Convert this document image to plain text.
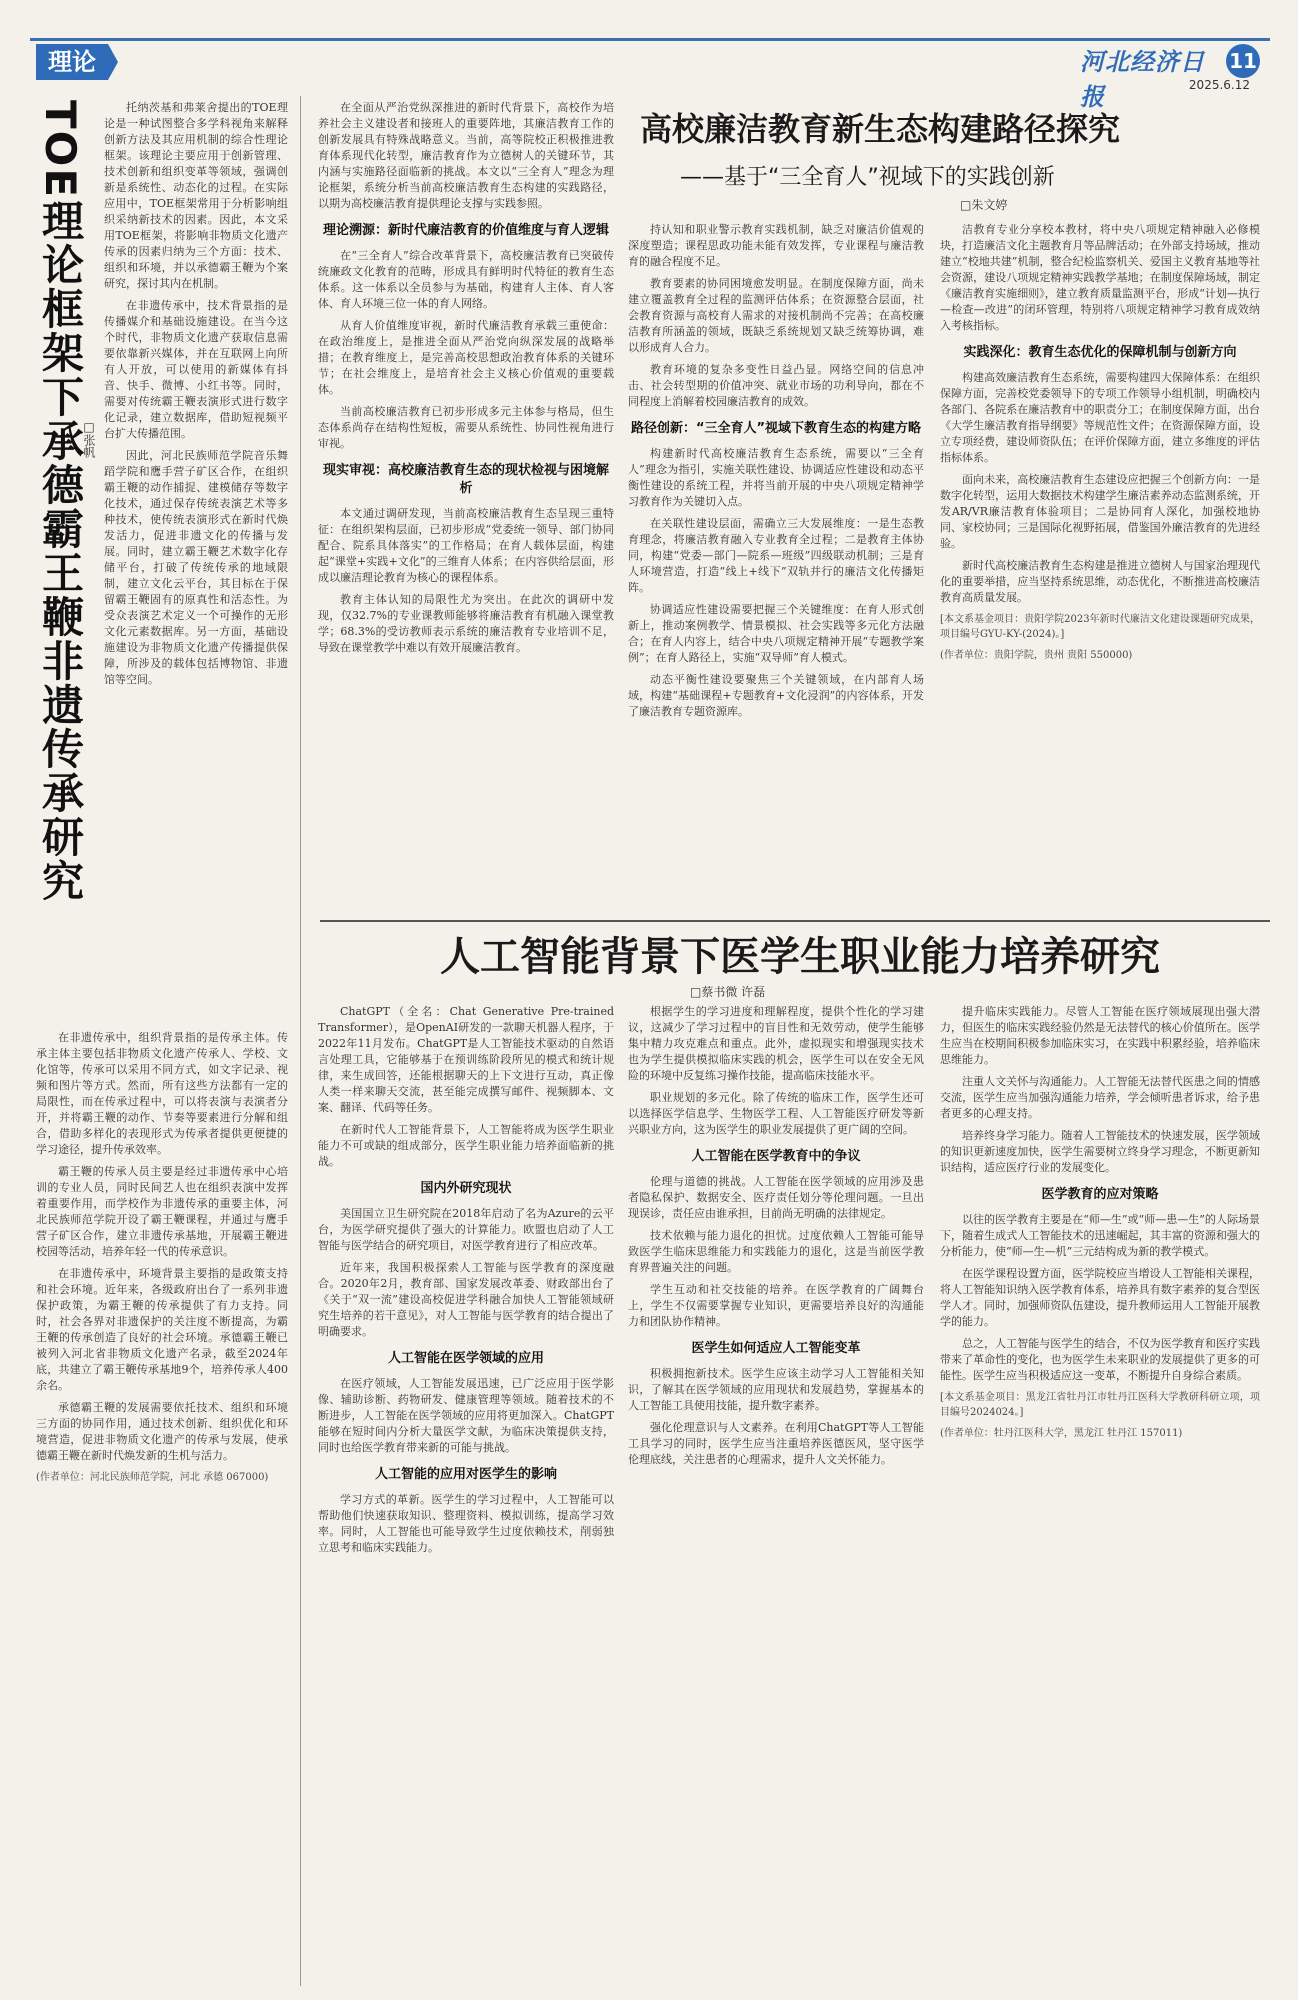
理论	河北经济日报
11
2025.6.12
TOE理论框架下承德霸王鞭非遗传承研究
□张帆

托纳茨基和弗莱舍提出的TOE理论是一种试图整合多学科视角来解释创新方法及其应用机制的综合性理论框架。该理论主要应用于创新管理、技术创新和组织变革等领域，强调创新是系统性、动态化的过程。在实际应用中，TOE框架常用于分析影响组织采纳新技术的因素。因此，本文采用TOE框架，将影响非物质文化遗产传承的因素归纳为三个方面：技术、组织和环境，并以承德霸王鞭为个案研究，探讨其内在机制。

在非遗传承中，技术背景指的是传播媒介和基础设施建设。在当今这个时代，非物质文化遗产获取信息需要依靠新兴媒体，并在互联网上向所有人开放，可以使用的新媒体有抖音、快手、微博、小红书等。同时，需要对传统霸王鞭表演形式进行数字化记录，建立数据库，借助短视频平台扩大传播范围。

因此，河北民族师范学院音乐舞蹈学院和鹰手营子矿区合作，在组织霸王鞭的动作捕捉、建模储存等数字化技术，通过保存传统表演艺术等多种技术，使传统表演形式在新时代焕发活力，促进非遗文化的传播与发展。同时，建立霸王鞭艺术数字化存储平台，打破了传统传承的地域限制，建立文化云平台，其目标在于保留霸王鞭固有的原真性和活态性。为受众表演艺术定义一个可操作的无形文化元素数据库。另一方面，基础设施建设为非物质文化遗产传播提供保障，所涉及的载体包括博物馆、非遗馆等空间。

在非遗传承中，组织背景指的是传承主体。传承主体主要包括非物质文化遗产传承人、学校、文化馆等，传承可以采用不同方式，如文字记录、视频和图片等方式。然而，所有这些方法都有一定的局限性，而在传承过程中，可以将表演与表演者分开，并将霸王鞭的动作、节奏等要素进行分解和组合，借助多样化的表现形式为传承者提供更便捷的学习途径，提升传承效率。

霸王鞭的传承人员主要是经过非遗传承中心培训的专业人员，同时民间艺人也在组织表演中发挥着重要作用，而学校作为非遗传承的重要主体，河北民族师范学院开设了霸王鞭课程，并通过与鹰手营子矿区合作，建立非遗传承基地，开展霸王鞭进校园等活动，培养年轻一代的传承意识。

在非遗传承中，环境背景主要指的是政策支持和社会环境。近年来，各级政府出台了一系列非遗保护政策，为霸王鞭的传承提供了有力支持。同时，社会各界对非遗保护的关注度不断提高，为霸王鞭的传承创造了良好的社会环境。承德霸王鞭已被列入河北省非物质文化遗产名录，截至2024年底，共建立了霸王鞭传承基地9个，培养传承人400余名。

承德霸王鞭的发展需要依托技术、组织和环境三方面的协同作用，通过技术创新、组织优化和环境营造，促进非物质文化遗产的传承与发展，使承德霸王鞭在新时代焕发新的生机与活力。

(作者单位：河北民族师范学院，河北 承德 067000)

高校廉洁教育新生态构建路径探究
——基于“三全育人”视域下的实践创新
□朱文婷

在全面从严治党纵深推进的新时代背景下，高校作为培养社会主义建设者和接班人的重要阵地，其廉洁教育工作的创新发展具有特殊战略意义。当前，高等院校正积极推进教育体系现代化转型，廉洁教育作为立德树人的关键环节，其内涵与实施路径面临新的挑战。本文以“三全育人”理念为理论框架，系统分析当前高校廉洁教育生态构建的实践路径，以期为高校廉洁教育提供理论支撑与实践参照。

理论溯源：新时代廉洁教育的价值维度与育人逻辑

在“三全育人”综合改革背景下，高校廉洁教育已突破传统廉政文化教育的范畴，形成具有鲜明时代特征的教育生态体系。这一体系以全员参与为基础，构建育人主体、育人客体、育人环境三位一体的育人网络。

从育人价值维度审视，新时代廉洁教育承载三重使命：在政治维度上，是推进全面从严治党向纵深发展的战略举措；在教育维度上，是完善高校思想政治教育体系的关键环节；在社会维度上，是培育社会主义核心价值观的重要载体。

当前高校廉洁教育已初步形成多元主体参与格局，但生态体系尚存在结构性短板，需要从系统性、协同性视角进行审视。

现实审视：高校廉洁教育生态的现状检视与困境解析

本文通过调研发现，当前高校廉洁教育生态呈现三重特征：在组织架构层面，已初步形成“党委统一领导、部门协同配合、院系具体落实”的工作格局；在育人载体层面，构建起“课堂+实践+文化”的三维育人体系；在内容供给层面，形成以廉洁理论教育为核心的课程体系。

教育主体认知的局限性尤为突出。在此次的调研中发现，仅32.7%的专业课教师能够将廉洁教育有机融入课堂教学；68.3%的受访教师表示系统的廉洁教育专业培训不足，导致在课堂教学中难以有效开展廉洁教育。

持认知和职业警示教育实践机制，缺乏对廉洁价值观的深度塑造；课程思政功能未能有效发挥，专业课程与廉洁教育的融合程度不足。

教育要素的协同困境愈发明显。在制度保障方面，尚未建立覆盖教育全过程的监测评估体系；在资源整合层面，社会教育资源与高校育人需求的对接机制尚不完善；在高校廉洁教育所涵盖的领域，既缺乏系统规划又缺乏统筹协调，难以形成育人合力。

教育环境的复杂多变性日益凸显。网络空间的信息冲击、社会转型期的价值冲突、就业市场的功利导向，都在不同程度上消解着校园廉洁教育的成效。

路径创新：“三全育人”视域下教育生态的构建方略

构建新时代高校廉洁教育生态系统，需要以“三全育人”理念为指引，实施关联性建设、协调适应性建设和动态平衡性建设的系统工程，并将当前开展的中央八项规定精神学习教育作为关键切入点。

在关联性建设层面，需确立三大发展维度：一是生态教育理念，将廉洁教育融入专业教育全过程；二是教育主体协同，构建“党委—部门—院系—班级”四级联动机制；三是育人环境营造，打造“线上+线下”双轨并行的廉洁文化传播矩阵。

协调适应性建设需要把握三个关键维度：在育人形式创新上，推动案例教学、情景模拟、社会实践等多元化方法融合；在育人内容上，结合中央八项规定精神开展“专题教学案例”；在育人路径上，实施“双导师”育人模式。

动态平衡性建设要聚焦三个关键领域，在内部育人场域，构建“基础课程+专题教育+文化浸润”的内容体系，开发了廉洁教育专题资源库。

洁教育专业分享校本教材，将中央八项规定精神融入必修模块，打造廉洁文化主题教育月等品牌活动；在外部支持场域，推动建立“校地共建”机制，整合纪检监察机关、爱国主义教育基地等社会资源，建设八项规定精神实践教学基地；在制度保障场域，制定《廉洁教育实施细则》，建立教育质量监测平台，形成“计划—执行—检查—改进”的闭环管理，特别将八项规定精神学习教育成效纳入考核指标。

实践深化：教育生态优化的保障机制与创新方向

构建高效廉洁教育生态系统，需要构建四大保障体系：在组织保障方面，完善校党委领导下的专项工作领导小组机制，明确校内各部门、各院系在廉洁教育中的职责分工；在制度保障方面，出台《大学生廉洁教育指导纲要》等规范性文件；在资源保障方面，设立专项经费，建设师资队伍；在评价保障方面，建立多维度的评估指标体系。

面向未来，高校廉洁教育生态建设应把握三个创新方向：一是数字化转型，运用大数据技术构建学生廉洁素养动态监测系统，开发AR/VR廉洁教育体验项目；二是协同育人深化，加强校地协同、家校协同；三是国际化视野拓展，借鉴国外廉洁教育的先进经验。

新时代高校廉洁教育生态构建是推进立德树人与国家治理现代化的重要举措，应当坚持系统思维，动态优化，不断推进高校廉洁教育高质量发展。

[本文系基金项目：贵阳学院2023年新时代廉洁文化建设课题研究成果，项目编号GYU-KY-(2024)。]

(作者单位：贵阳学院，贵州 贵阳 550000)

人工智能背景下医学生职业能力培养研究
□蔡书微 许磊

ChatGPT（全名：Chat Generative Pre-trained Transformer），是OpenAI研发的一款聊天机器人程序，于2022年11月发布。ChatGPT是人工智能技术驱动的自然语言处理工具，它能够基于在预训练阶段所见的模式和统计规律，来生成回答，还能根据聊天的上下文进行互动，真正像人类一样来聊天交流，甚至能完成撰写邮件、视频脚本、文案、翻译、代码等任务。

在新时代人工智能背景下，人工智能将成为医学生职业能力不可或缺的组成部分，医学生职业能力培养面临新的挑战。

国内外研究现状

美国国立卫生研究院在2018年启动了名为Azure的云平台，为医学研究提供了强大的计算能力。欧盟也启动了人工智能与医学结合的研究项目，对医学教育进行了相应改革。

近年来，我国积极探索人工智能与医学教育的深度融合。2020年2月，教育部、国家发展改革委、财政部出台了《关于“双一流”建设高校促进学科融合加快人工智能领域研究生培养的若干意见》，对人工智能与医学教育的结合提出了明确要求。

人工智能在医学领域的应用

在医疗领域，人工智能发展迅速，已广泛应用于医学影像、辅助诊断、药物研发、健康管理等领域。随着技术的不断进步，人工智能在医学领域的应用将更加深入。ChatGPT能够在短时间内分析大量医学文献，为临床决策提供支持，同时也给医学教育带来新的可能与挑战。

人工智能的应用对医学生的影响

学习方式的革新。医学生的学习过程中，人工智能可以帮助他们快速获取知识、整理资料、模拟训练，提高学习效率。同时，人工智能也可能导致学生过度依赖技术，削弱独立思考和临床实践能力。

根据学生的学习进度和理解程度，提供个性化的学习建议，这减少了学习过程中的盲目性和无效劳动，使学生能够集中精力攻克难点和重点。此外，虚拟现实和增强现实技术也为学生提供模拟临床实践的机会，医学生可以在安全无风险的环境中反复练习操作技能，提高临床技能水平。

职业规划的多元化。除了传统的临床工作，医学生还可以选择医学信息学、生物医学工程、人工智能医疗研发等新兴职业方向，这为医学生的职业发展提供了更广阔的空间。

人工智能在医学教育中的争议

伦理与道德的挑战。人工智能在医学领域的应用涉及患者隐私保护、数据安全、医疗责任划分等伦理问题。一旦出现误诊，责任应由谁承担，目前尚无明确的法律规定。

技术依赖与能力退化的担忧。过度依赖人工智能可能导致医学生临床思维能力和实践能力的退化，这是当前医学教育界普遍关注的问题。

学生互动和社交技能的培养。在医学教育的广阔舞台上，学生不仅需要掌握专业知识，更需要培养良好的沟通能力和团队协作精神。

医学生如何适应人工智能变革

积极拥抱新技术。医学生应该主动学习人工智能相关知识，了解其在医学领域的应用现状和发展趋势，掌握基本的人工智能工具使用技能，提升数字素养。

强化伦理意识与人文素养。在利用ChatGPT等人工智能工具学习的同时，医学生应当注重培养医德医风，坚守医学伦理底线，关注患者的心理需求，提升人文关怀能力。

提升临床实践能力。尽管人工智能在医疗领域展现出强大潜力，但医生的临床实践经验仍然是无法替代的核心价值所在。医学生应当在校期间积极参加临床实习，在实践中积累经验，培养临床思维能力。

注重人文关怀与沟通能力。人工智能无法替代医患之间的情感交流，医学生应当加强沟通能力培养，学会倾听患者诉求，给予患者更多的心理支持。

培养终身学习能力。随着人工智能技术的快速发展，医学领域的知识更新速度加快，医学生需要树立终身学习理念，不断更新知识结构，适应医疗行业的发展变化。

医学教育的应对策略

以往的医学教育主要是在“师—生”或“师—患—生”的人际场景下，随着生成式人工智能技术的迅速崛起，其丰富的资源和强大的分析能力，使“师—生—机”三元结构成为新的教学模式。

在医学课程设置方面，医学院校应当增设人工智能相关课程，将人工智能知识纳入医学教育体系，培养具有数字素养的复合型医学人才。同时，加强师资队伍建设，提升教师运用人工智能开展教学的能力。

总之，人工智能与医学生的结合，不仅为医学教育和医疗实践带来了革命性的变化，也为医学生未来职业的发展提供了更多的可能性。医学生应当积极适应这一变革，不断提升自身综合素质。

[本文系基金项目：黑龙江省牡丹江市牡丹江医科大学教研科研立项，项目编号2024024。]

(作者单位：牡丹江医科大学，黑龙江 牡丹江 157011)
